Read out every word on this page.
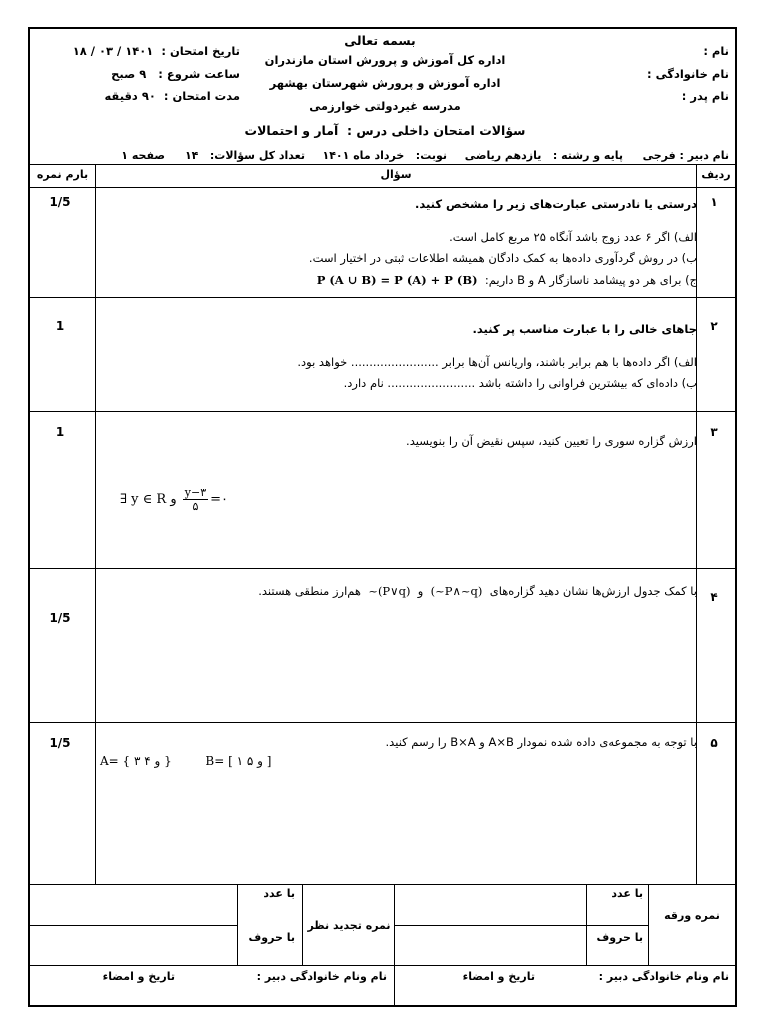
بسمه تعالی
اداره کل آموزش و پرورش استان مازندران
اداره آموزش و پرورش شهرستان بهشهر
مدرسه غیردولتی خوارزمی
سؤالات امتحان داخلی درس :  آمار و احتمالات
نام :
نام خانوادگی :
نام پدر :
تاریخ امتحان :  ۱۸ / ۰۳ / ۱۴۰۱
ساعت شروع :   ۹ صبح
مدت امتحان :  ۹۰ دقیقه
نام دبیر : فرجی
پایه و رشته :   یازدهم ریاضی
نوبت:   خرداد ماه ۱۴۰۱
تعداد کل سؤالات:   ۱۴
صفحه ۱
ردیف
سؤال
بارم نمره
۱
1/5	درستی یا نادرستی عبارت‌های زیر را مشخص کنید.
الف) اگر ۶ عدد زوج باشد آنگاه ۲۵ مربع کامل است.
ب) در روش گردآوری داده‌ها به کمک دادگان همیشه اطلاعات ثبتی در اختیار است.
ج) برای هر دو پیشامد ناسازگار A و B داریم:  P (A ∪ B) = P (A) + P (B)
۲
1	جاهای خالی را با عبارت مناسب پر کنید.
الف) اگر داده‌ها با هم برابر باشند، واریانس آن‌ها برابر ........................ خواهد بود.
ب) داده‌ای که بیشترین فراوانی را داشته باشد ........................ نام دارد.
۳
1
ارزش گزاره سوری را تعیین کنید، سپس نقیض آن را بنویسید.
∃ y ∈ R و
y−۳
۵ =۰
۴
1/5
با کمک جدول ارزش‌ها نشان دهید گزاره‌های  (~P∧~q)  و  ~(P∨q)  هم‌ارز منطقی هستند.
۵
1/5	با توجه به مجموعه‌ی داده شده نمودار A×B و B×A را رسم کنید.
A= { ۳ و ۴ }	B= [ ۱ و ۵ ]
نمره ورقه
با عدد
با حروف
نمره تجدید نظر
با عدد
با حروف
نام ونام خانوادگی دبیر :
تاریخ و امضاء
نام ونام خانوادگی دبیر :
تاریخ و امضاء
